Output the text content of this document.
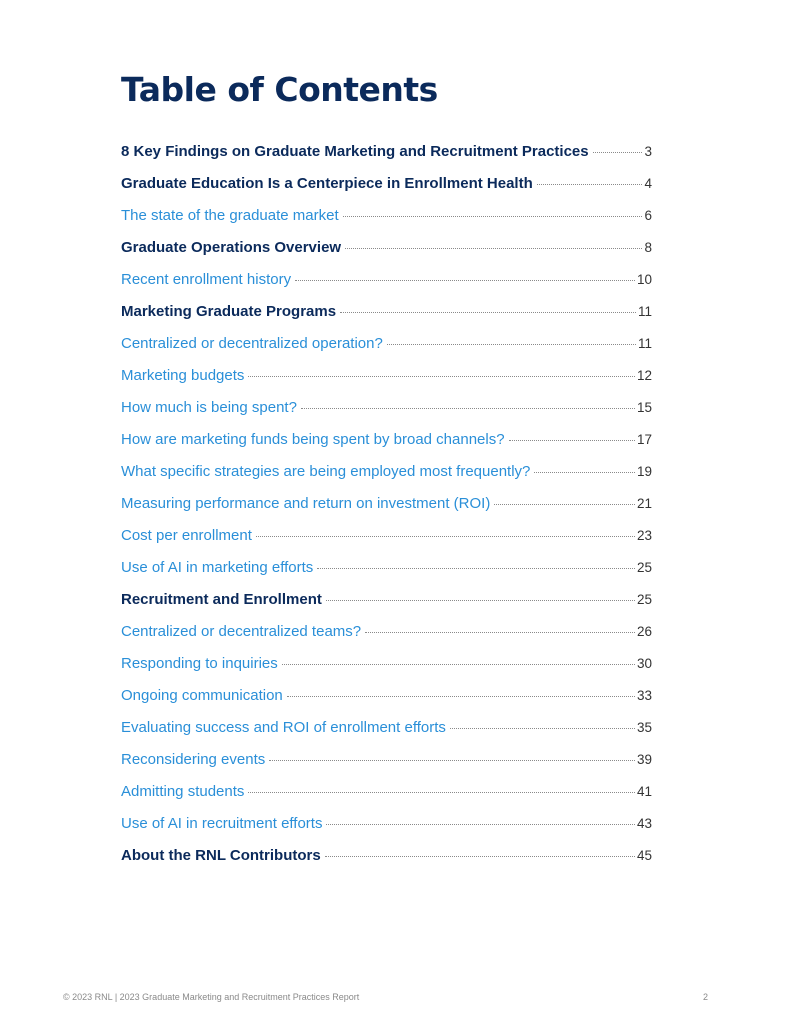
Table of Contents
8 Key Findings on Graduate Marketing and Recruitment Practices	3
Graduate Education Is a Centerpiece in Enrollment Health	4
The state of the graduate market	6
Graduate Operations Overview	8
Recent enrollment history	10
Marketing Graduate Programs	11
Centralized or decentralized operation?	11
Marketing budgets	12
How much is being spent?	15
How are marketing funds being spent by broad channels?	17
What specific strategies are being employed most frequently?	19
Measuring performance and return on investment (ROI)	21
Cost per enrollment	23
Use of AI in marketing efforts	25
Recruitment and Enrollment	25
Centralized or decentralized teams?	26
Responding to inquiries	30
Ongoing communication	33
Evaluating success and ROI of enrollment efforts	35
Reconsidering events	39
Admitting students	41
Use of AI in recruitment efforts	43
About the RNL Contributors	45
© 2023 RNL | 2023 Graduate Marketing and Recruitment Practices Report	2
